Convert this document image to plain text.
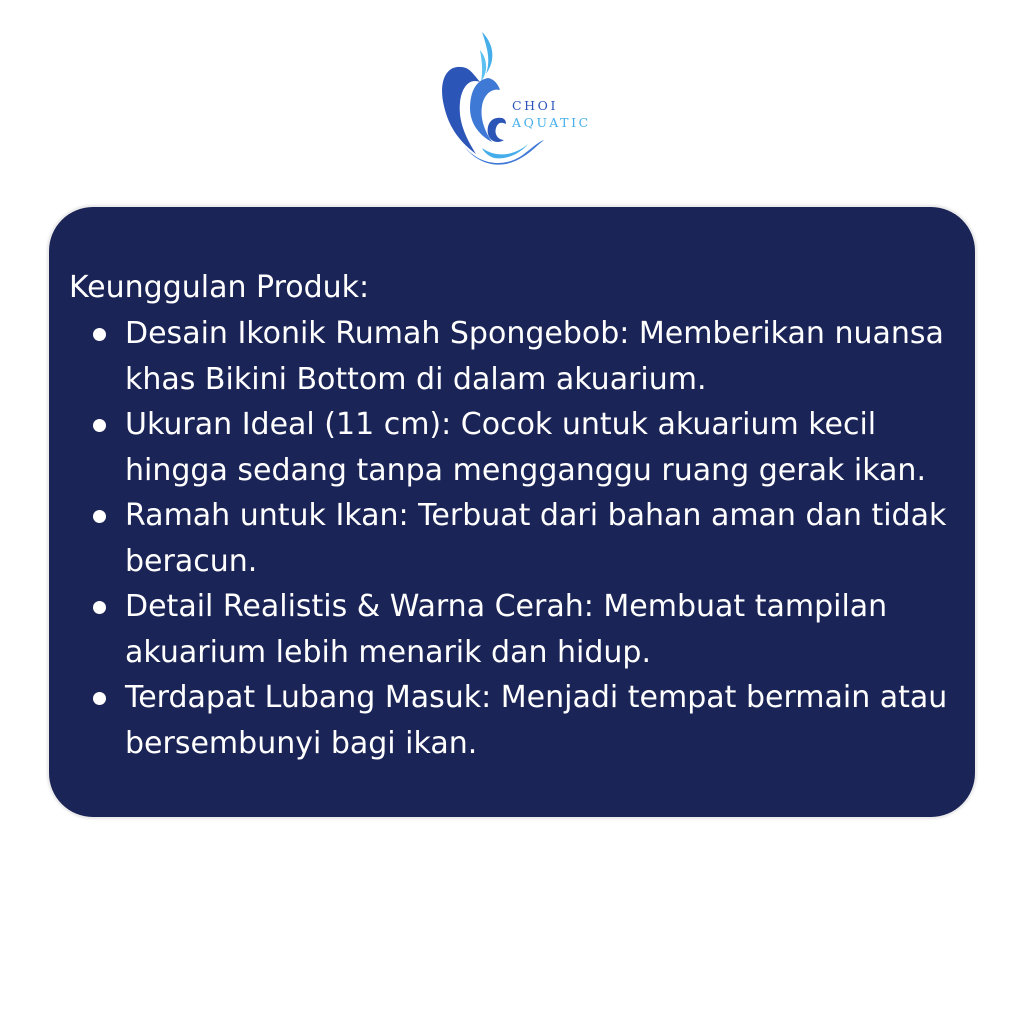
CHOI
AQUATIC
Keunggulan Produk:
Desain Ikonik Rumah Spongebob: Memberikan nuansa
khas Bikini Bottom di dalam akuarium.
Ukuran Ideal (11 cm): Cocok untuk akuarium kecil
hingga sedang tanpa mengganggu ruang gerak ikan.
Ramah untuk Ikan: Terbuat dari bahan aman dan tidak
beracun.
Detail Realistis & Warna Cerah: Membuat tampilan
akuarium lebih menarik dan hidup.
Terdapat Lubang Masuk: Menjadi tempat bermain atau
bersembunyi bagi ikan.
